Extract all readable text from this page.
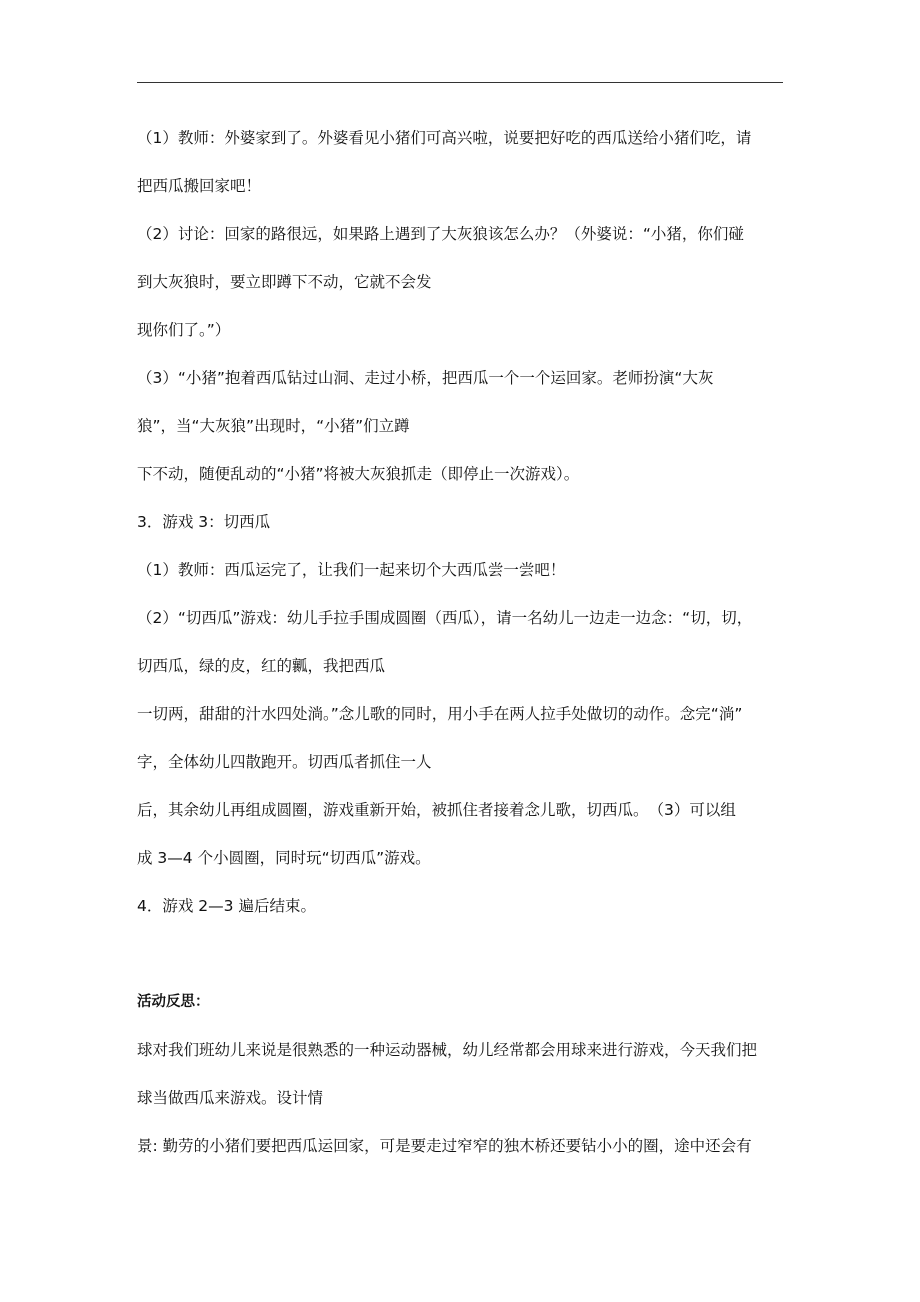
（1）教师：外婆家到了。外婆看见小猪们可高兴啦，说要把好吃的西瓜送给小猪们吃，请
把西瓜搬回家吧！
（2）讨论：回家的路很远，如果路上遇到了大灰狼该怎么办？（外婆说：“小猪，你们碰
到大灰狼时，要立即蹲下不动，它就不会发
现你们了。”）
（3）“小猪”抱着西瓜钻过山洞、走过小桥，把西瓜一个一个运回家。老师扮演“大灰
狼”，当“大灰狼”出现时，“小猪”们立蹲
下不动，随便乱动的“小猪”将被大灰狼抓走（即停止一次游戏）。
3．游戏 3：切西瓜
（1）教师：西瓜运完了，让我们一起来切个大西瓜尝一尝吧！
（2）“切西瓜”游戏：幼儿手拉手围成圆圈（西瓜），请一名幼儿一边走一边念：“切，切，
切西瓜，绿的皮，红的瓤，我把西瓜
一切两，甜甜的汁水四处淌。”念儿歌的同时，用小手在两人拉手处做切的动作。念完“淌”
字，全体幼儿四散跑开。切西瓜者抓住一人
后，其余幼儿再组成圆圈，游戏重新开始，被抓住者接着念儿歌，切西瓜。　（3）可以组
成 3—4 个小圆圈，同时玩“切西瓜”游戏。
4．游戏 2—3 遍后结束。
活动反思：
球对我们班幼儿来说是很熟悉的一种运动器械，幼儿经常都会用球来进行游戏，今天我们把
球当做西瓜来游戏。设计情
景: 勤劳的小猪们要把西瓜运回家，可是要走过窄窄的独木桥还要钻小小的圈，途中还会有
